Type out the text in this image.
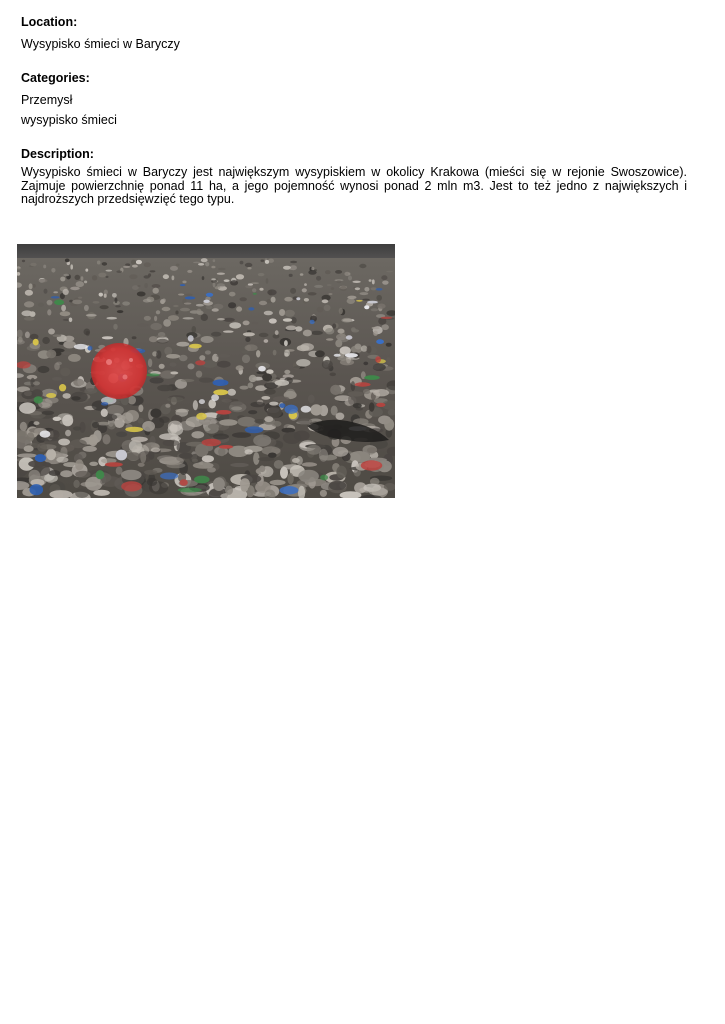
Location:

Wysypisko śmieci w Baryczy

Categories:

Przemysł

wysypisko śmieci

Description:

Wysypisko śmieci w Baryczy jest największym wysypiskiem w okolicy Krakowa (mieści się w rejonie Swoszowice). Zajmuje powierzchnię ponad 11 ha, a jego pojemność wynosi ponad 2 mln m3. Jest to też jedno z największych i najdroższych przedsięwzięć tego typu.
